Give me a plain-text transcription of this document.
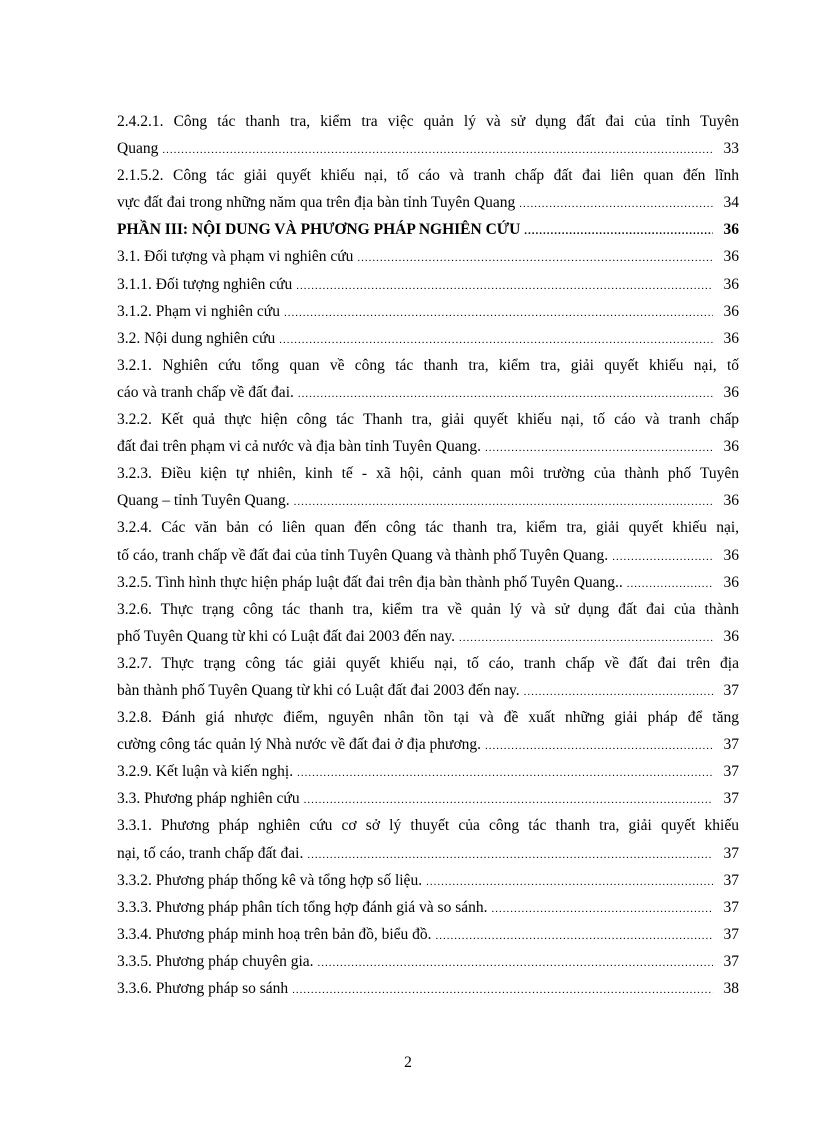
2.4.2.1. Công tác thanh tra, kiểm tra việc quản lý và sử dụng đất đai của tỉnh Tuyên
Quang .....	33
2.1.5.2. Công tác giải quyết khiếu nại, tố cáo và tranh chấp đất đai liên quan đến lĩnh
vực đất đai trong những năm qua trên địa bàn tỉnh Tuyên Quang .....	34
PHẦN III: NỘI DUNG VÀ PHƯƠNG PHÁP NGHIÊN CỨU .....	36
3.1. Đối tượng và phạm vi nghiên cứu .....	36
3.1.1. Đối tượng nghiên cứu .....	36
3.1.2. Phạm vi nghiên cứu .....	36
3.2. Nội dung nghiên cứu .....	36
3.2.1. Nghiên cứu tổng quan về công tác thanh tra, kiểm tra, giải quyết khiếu nại, tố
cáo và tranh chấp về đất đai. .....	36
3.2.2. Kết quả thực hiện công tác Thanh tra, giải quyết khiếu nại, tố cáo và tranh chấp
đất đai trên phạm vi cả nước và địa bàn tỉnh Tuyên Quang. .....	36
3.2.3. Điều kiện tự nhiên, kinh tế - xã hội, cảnh quan môi trường của thành phố Tuyên
Quang – tỉnh Tuyên Quang. .....	36
3.2.4. Các văn bản có liên quan đến công tác thanh tra, kiểm tra, giải quyết khiếu nại,
tố cáo, tranh chấp về đất đai của tỉnh Tuyên Quang và thành phố Tuyên Quang. .....	36
3.2.5. Tình hình thực hiện pháp luật đất đai trên địa bàn thành phố Tuyên Quang.. .....	36
3.2.6. Thực trạng công tác thanh tra, kiểm tra về quản lý và sử dụng đất đai của thành
phố Tuyên Quang từ khi có Luật đất đai 2003 đến nay. .....	36
3.2.7. Thực trạng công tác giải quyết khiếu nại, tố cáo, tranh chấp về đất đai trên địa
bàn thành phố Tuyên Quang từ khi có Luật đất đai 2003 đến nay. .....	37
3.2.8. Đánh giá nhược điểm, nguyên nhân tồn tại và đề xuất những giải pháp để tăng
cường công tác quản lý Nhà nước về đất đai ở địa phương. .....	37
3.2.9. Kết luận và kiến nghị. .....	37
3.3. Phương pháp nghiên cứu .....	37
3.3.1. Phương pháp nghiên cứu cơ sở lý thuyết của công tác thanh tra, giải quyết khiếu
nại, tố cáo, tranh chấp đất đai. .....	37
3.3.2. Phương pháp thống kê và tổng hợp số liệu. .....	37
3.3.3. Phương pháp phân tích tổng hợp đánh giá và so sánh. .....	37
3.3.4. Phương pháp minh hoạ trên bản đồ, biểu đồ. .....	37
3.3.5. Phương pháp chuyên gia. .....	37
3.3.6. Phương pháp so sánh .....	38
2
